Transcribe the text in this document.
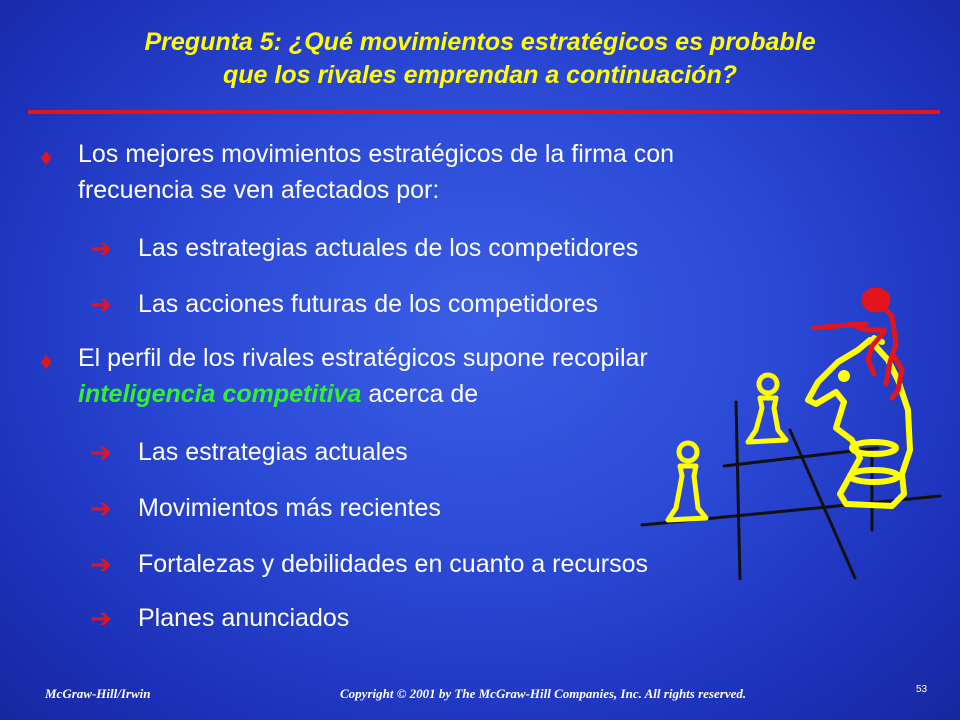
Pregunta 5: ¿Qué movimientos estratégicos es probable
que los rivales emprendan a continuación?
♦ Los mejores movimientos estratégicos de la firma con
frecuencia se ven afectados por:
➔ Las estrategias actuales de los competidores
➔ Las acciones futuras de los competidores
♦ El perfil de los rivales estratégicos supone recopilar
inteligencia competitiva acerca de
➔ Las estrategias actuales
➔ Movimientos más recientes
➔ Fortalezas y debilidades en cuanto a recursos
➔ Planes anunciados
McGraw-Hill/Irwin	Copyright © 2001 by The McGraw-Hill Companies, Inc. All rights reserved.	53
